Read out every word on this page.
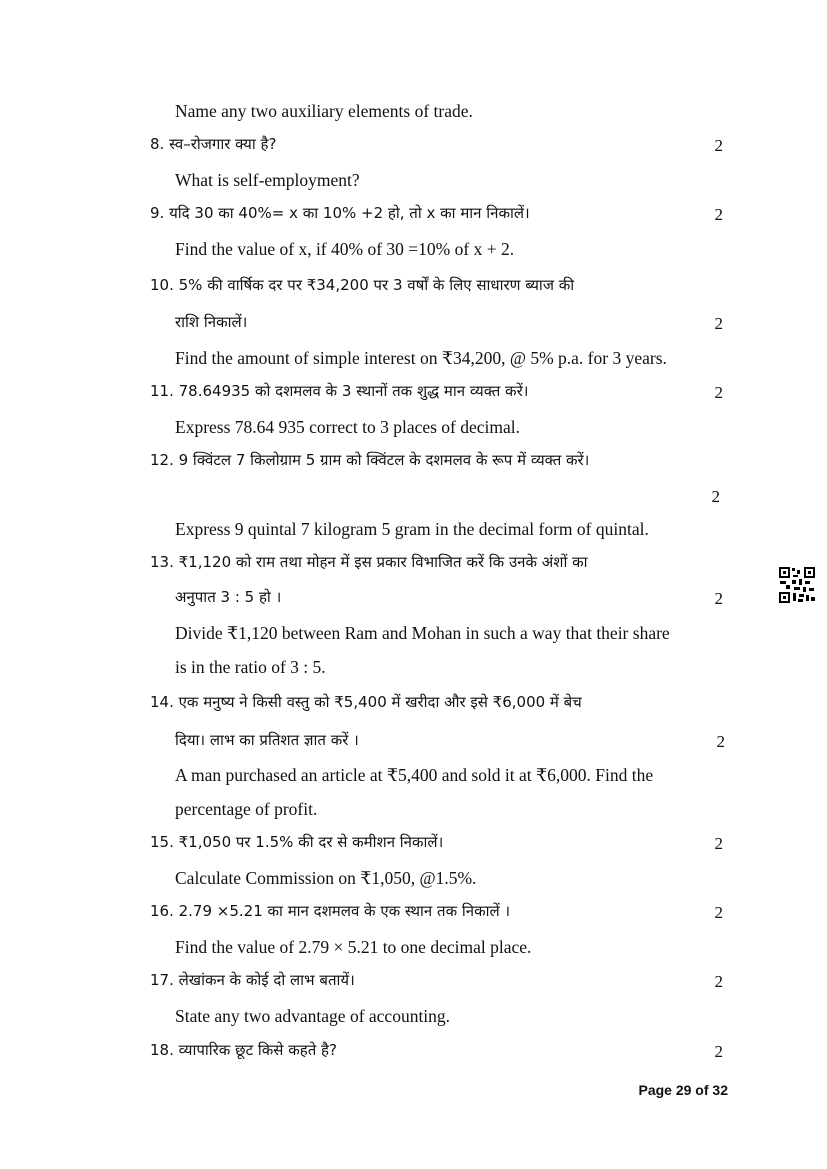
Name any two auxiliary elements of trade.
8. स्व–रोजगार क्या है?	2
What is self-employment?
9. यदि 30 का 40%= x का 10% +2 हो, तो x का मान निकालें।	2
Find the value of x, if 40% of 30 =10% of x + 2.
10. 5% की वार्षिक दर पर ₹34,200 पर 3 वर्षों के लिए साधारण ब्याज की
राशि निकालें।	2
Find the amount of simple interest on ₹34,200, @ 5% p.a. for 3 years.
11. 78.64935 को दशमलव के 3 स्थानों तक शुद्ध मान व्यक्त करें।	2
Express 78.64 935 correct to 3 places of decimal.
12. 9 क्विंटल 7 किलोग्राम 5 ग्राम को क्विंटल के दशमलव के रूप में व्यक्त करें।
2
Express 9 quintal 7 kilogram 5 gram in the decimal form of quintal.
13. ₹1,120 को राम तथा मोहन में इस प्रकार विभाजित करें कि उनके अंशों का
अनुपात 3 : 5 हो ।	2
Divide ₹1,120 between Ram and Mohan in such a way that their share
is in the ratio of 3 : 5.
14. एक मनुष्य ने किसी वस्तु को ₹5,400 में खरीदा और इसे ₹6,000 में बेच
दिया। लाभ का प्रतिशत ज्ञात करें ।	2
A man purchased an article at ₹5,400 and sold it at ₹6,000. Find the
percentage of profit.
15. ₹1,050 पर 1.5% की दर से कमीशन निकालें।	2
Calculate Commission on ₹1,050, @1.5%.
16. 2.79 ×5.21 का मान दशमलव के एक स्थान तक निकालें ।	2
Find the value of 2.79 × 5.21 to one decimal place.
17. लेखांकन के कोई दो लाभ बतायें।	2
State any two advantage of accounting.
18. व्यापारिक छूट किसे कहते है?	2
Page 29 of 32
